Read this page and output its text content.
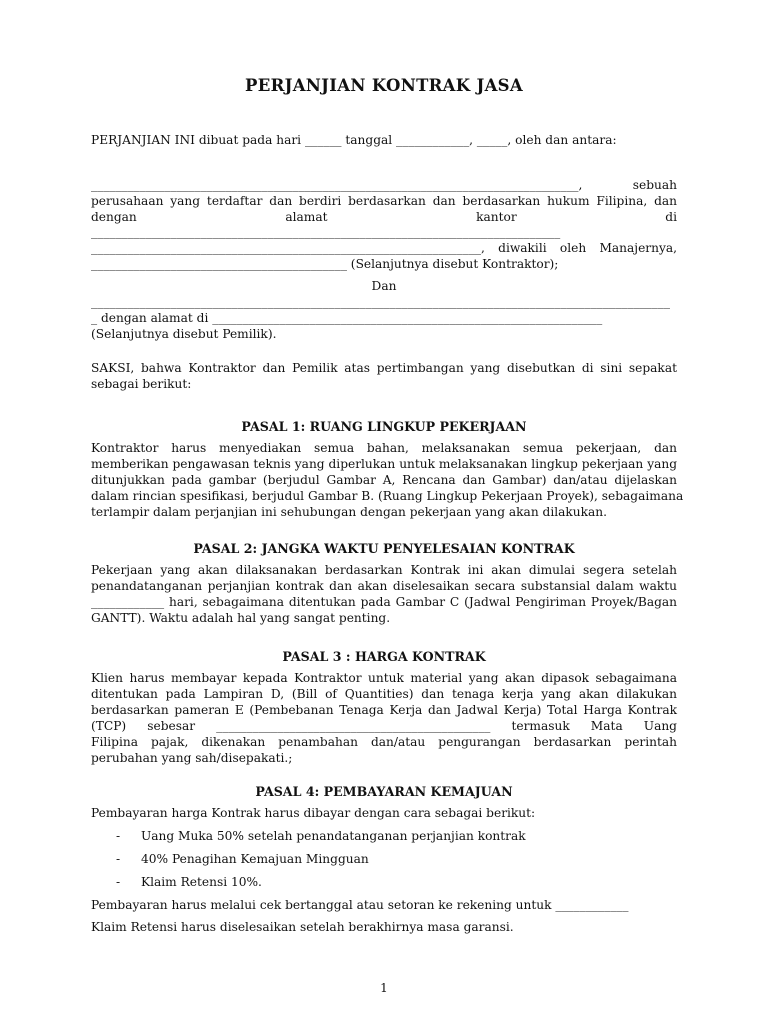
PERJANJIAN KONTRAK JASA
PERJANJIAN INI dibuat pada hari ______ tanggal ____________, _____, oleh dan antara:
________________________________________________________________________________, sebuah
perusahaan yang terdaftar dan berdiri berdasarkan dan berdasarkan hukum Filipina, dan
dengan alamat kantor di
_____________________________________________________________________________
________________________________________________________________, diwakili oleh Manajernya,
__________________________________________ (Selanjutnya disebut Kontraktor);
Dan
_______________________________________________________________________________________________
_ dengan alamat di ________________________________________________________________
(Selanjutnya disebut Pemilik).
SAKSI, bahwa Kontraktor dan Pemilik atas pertimbangan yang disebutkan di sini sepakat
sebagai berikut:
PASAL 1: RUANG LINGKUP PEKERJAAN
Kontraktor harus menyediakan semua bahan, melaksanakan semua pekerjaan, dan
memberikan pengawasan teknis yang diperlukan untuk melaksanakan lingkup pekerjaan yang
ditunjukkan pada gambar (berjudul Gambar A, Rencana dan Gambar) dan/atau dijelaskan
dalam rincian spesifikasi, berjudul Gambar B. (Ruang Lingkup Pekerjaan Proyek), sebagaimana
terlampir dalam perjanjian ini sehubungan dengan pekerjaan yang akan dilakukan.
PASAL 2: JANGKA WAKTU PENYELESAIAN KONTRAK
Pekerjaan yang akan dilaksanakan berdasarkan Kontrak ini akan dimulai segera setelah
penandatanganan perjanjian kontrak dan akan diselesaikan secara substansial dalam waktu
____________ hari, sebagaimana ditentukan pada Gambar C (Jadwal Pengiriman Proyek/Bagan
GANTT). Waktu adalah hal yang sangat penting.
PASAL 3 : HARGA KONTRAK
Klien harus membayar kepada Kontraktor untuk material yang akan dipasok sebagaimana
ditentukan pada Lampiran D, (Bill of Quantities) dan tenaga kerja yang akan dilakukan
berdasarkan pameran E (Pembebanan Tenaga Kerja dan Jadwal Kerja) Total Harga Kontrak
(TCP) sebesar _____________________________________________ termasuk Mata Uang
Filipina pajak, dikenakan penambahan dan/atau pengurangan berdasarkan perintah
perubahan yang sah/disepakati.;
PASAL 4: PEMBAYARAN KEMAJUAN
Pembayaran harga Kontrak harus dibayar dengan cara sebagai berikut:
- Uang Muka 50% setelah penandatanganan perjanjian kontrak
- 40% Penagihan Kemajuan Mingguan
- Klaim Retensi 10%.
Pembayaran harus melalui cek bertanggal atau setoran ke rekening untuk ____________
Klaim Retensi harus diselesaikan setelah berakhirnya masa garansi.
1
